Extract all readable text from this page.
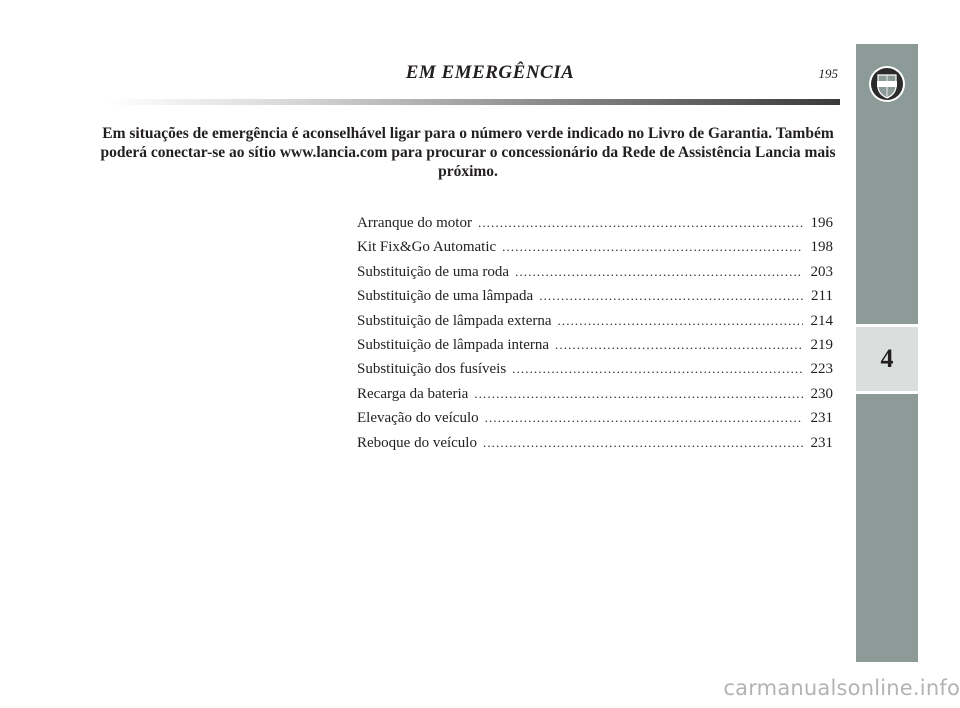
EM EMERGÊNCIA	195
4
Em situações de emergência é aconselhável ligar para o número verde indicado no Livro de Garantia. Também poderá conectar-se ao sítio www.lancia.com para procurar o concessionário da Rede de Assistência Lancia mais próximo.
Arranque do motor .....	196
Kit Fix&Go Automatic .....	198
Substituição de uma roda .....	203
Substituição de uma lâmpada .....	211
Substituição de lâmpada externa .....	214
Substituição de lâmpada interna .....	219
Substituição dos fusíveis .....	223
Recarga da bateria .....	230
Elevação do veículo .....	231
Reboque do veículo .....	231
carmanualsonline.info
